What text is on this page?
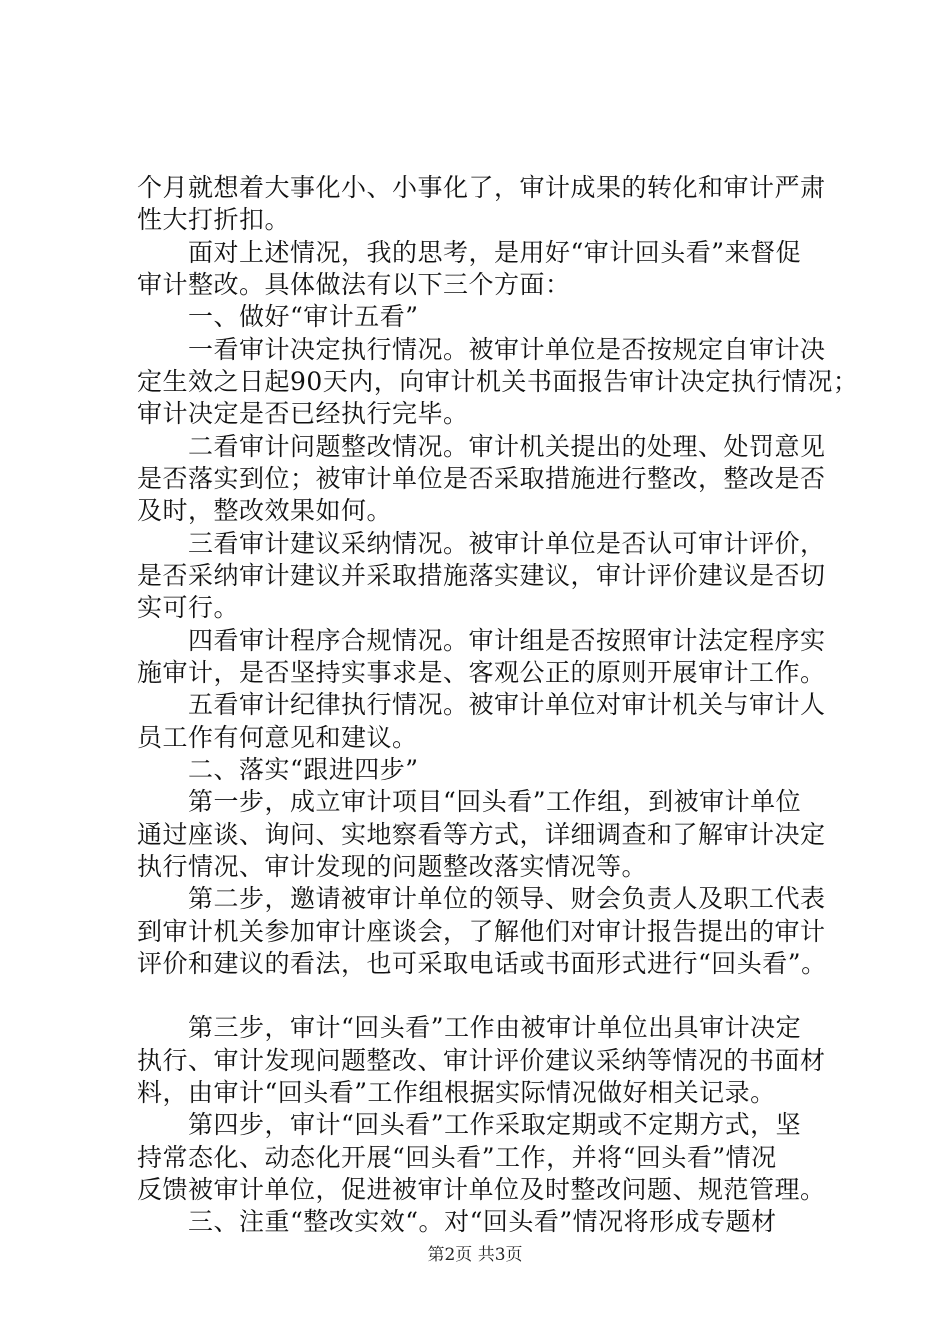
个月就想着大事化小、小事化了，审计成果的转化和审计严肃
性大打折扣。
　　面对上述情况，我的思考，是用好“审计回头看”来督促
审计整改。具体做法有以下三个方面：
　　一、做好“审计五看”
　　一看审计决定执行情况。被审计单位是否按规定自审计决
定生效之日起90天内，向审计机关书面报告审计决定执行情况；
审计决定是否已经执行完毕。
　　二看审计问题整改情况。审计机关提出的处理、处罚意见
是否落实到位；被审计单位是否采取措施进行整改，整改是否
及时，整改效果如何。
　　三看审计建议采纳情况。被审计单位是否认可审计评价，
是否采纳审计建议并采取措施落实建议，审计评价建议是否切
实可行。
　　四看审计程序合规情况。审计组是否按照审计法定程序实
施审计，是否坚持实事求是、客观公正的原则开展审计工作。
　　五看审计纪律执行情况。被审计单位对审计机关与审计人
员工作有何意见和建议。
　　二、落实“跟进四步”
　　第一步，成立审计项目“回头看”工作组，到被审计单位
通过座谈、询问、实地察看等方式，详细调查和了解审计决定
执行情况、审计发现的问题整改落实情况等。
　　第二步，邀请被审计单位的领导、财会负责人及职工代表
到审计机关参加审计座谈会，了解他们对审计报告提出的审计
评价和建议的看法，也可采取电话或书面形式进行“回头看”。
　　第三步，审计“回头看”工作由被审计单位出具审计决定
执行、审计发现问题整改、审计评价建议采纳等情况的书面材
料，由审计“回头看”工作组根据实际情况做好相关记录。
　　第四步，审计“回头看”工作采取定期或不定期方式，坚
持常态化、动态化开展“回头看”工作，并将“回头看”情况
反馈被审计单位，促进被审计单位及时整改问题、规范管理。
　　三、注重“整改实效“。对“回头看”情况将形成专题材
第2页 共3页
